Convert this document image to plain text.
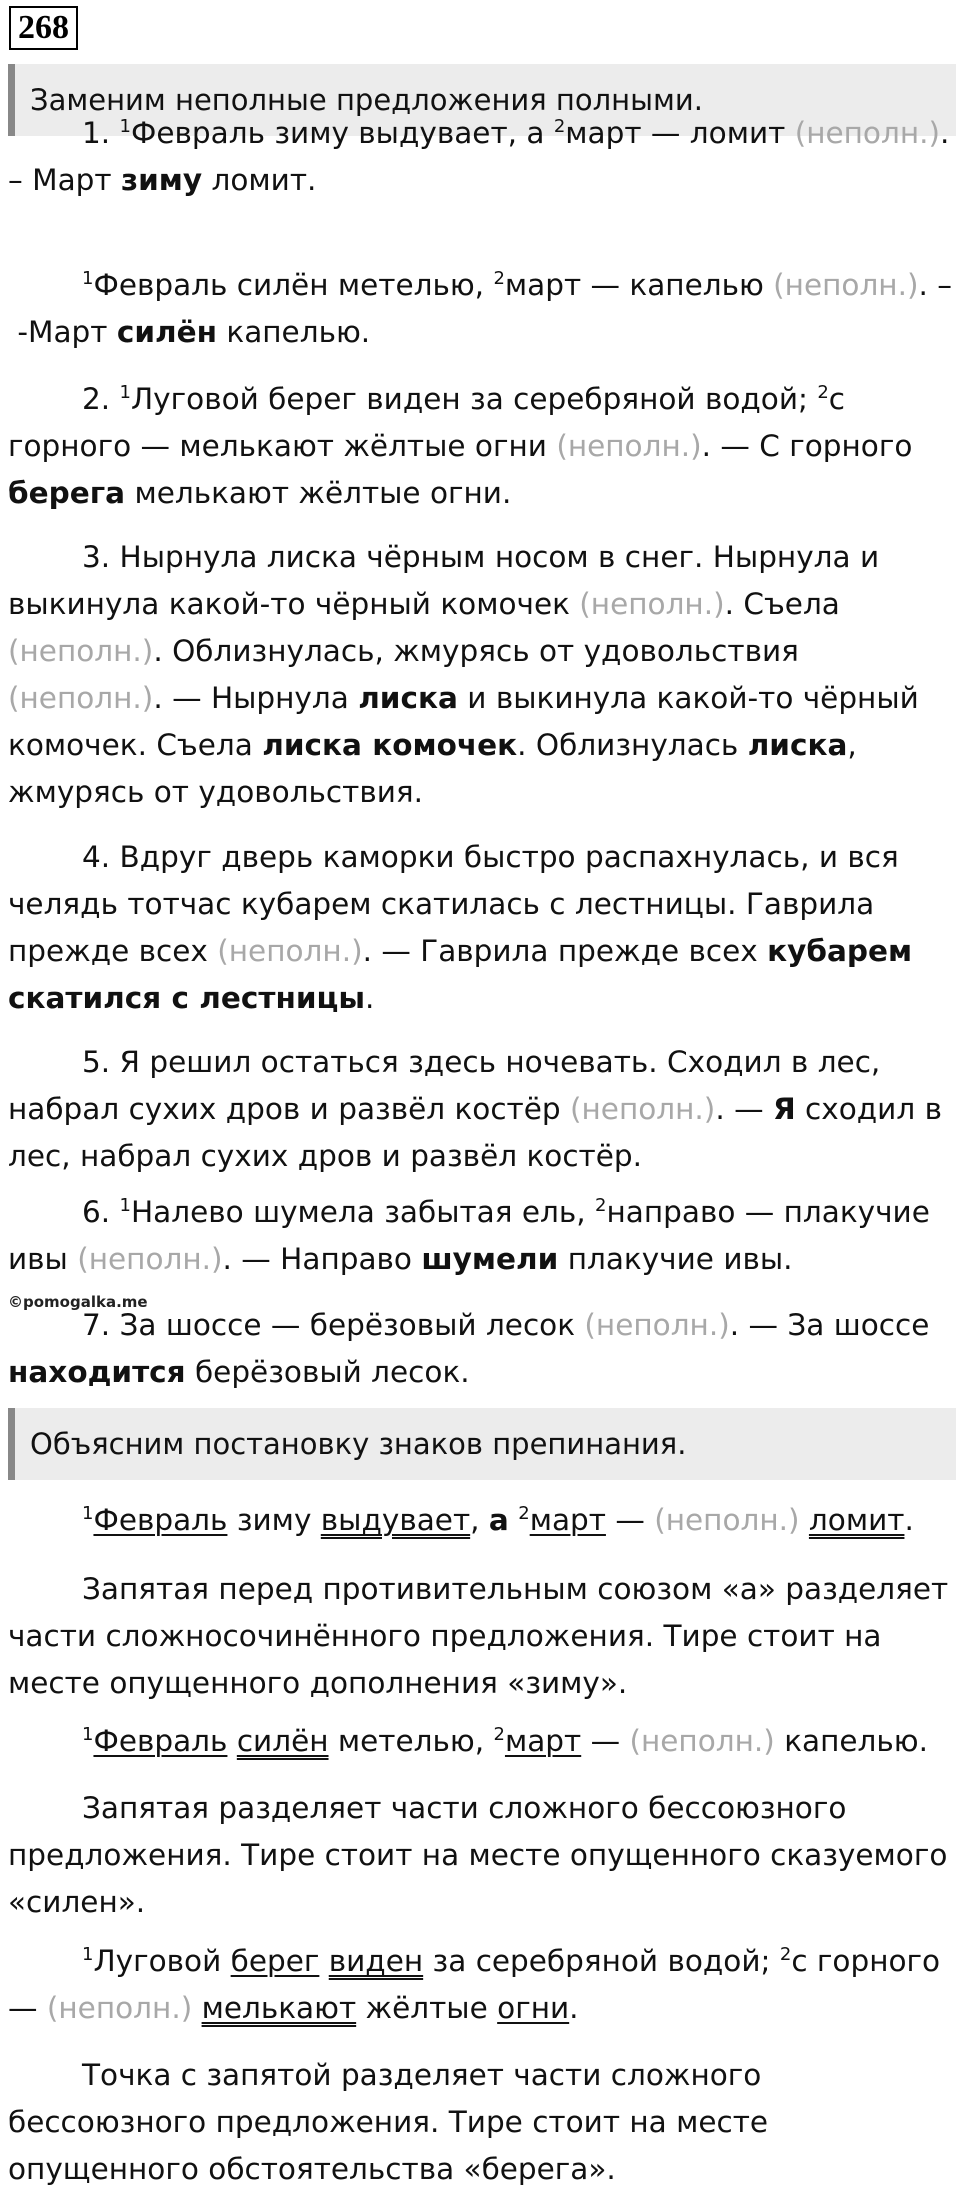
268
Заменим неполные предложения полными.

1. $^1$Февраль зиму выдувает, а $^2$март — ломит (неполн.). – Март зиму ломит.

$^1$Февраль силён метелью, $^2$март — капелью (неполн.). – -Март силён капелью.

2. $^1$Луговой берег виден за серебряной водой; $^2$с горного — мелькают жёлтые огни (неполн.). — С горного берега мелькают жёлтые огни.

3. Нырнула лиска чёрным носом в снег. Нырнула и выкинула какой-то чёрный комочек (неполн.). Съела (неполн.). Облизнулась, жмурясь от удовольствия (неполн.). — Нырнула лиска и выкинула какой-то чёрный комочек. Съела лиска комочек. Облизнулась лиска, жмурясь от удовольствия.

4. Вдруг дверь каморки быстро распахнулась, и вся челядь тотчас кубарем скатилась с лестницы. Гаврила прежде всех (неполн.). — Гаврила прежде всех кубарем скатился с лестницы.

5. Я решил остаться здесь ночевать. Сходил в лес, набрал сухих дров и развёл костёр (неполн.). — Я сходил в лес, набрал сухих дров и развёл костёр.

6. $^1$Налево шумела забытая ель, $^2$направо — плакучие ивы (неполн.). — Направо шумели плакучие ивы.

©pomogalka.me

7. За шоссе — берёзовый лесок (неполн.). — За шоссе находится берёзовый лесок.

Объясним постановку знаков препинания.

$^1$Февраль зиму выдувает, а $^2$март — (неполн.) ломит.

Запятая перед противительным союзом «а» разделяет части сложносочинённого предложения. Тире стоит на месте опущенного дополнения «зиму».

$^1$Февраль силён метелью, $^2$март — (неполн.) капелью.

Запятая разделяет части сложного бессоюзного предложения. Тире стоит на месте опущенного сказуемого «силен».

$^1$Луговой берег виден за серебряной водой; $^2$с горного — (неполн.) мелькают жёлтые огни.

Точка с запятой разделяет части сложного бессоюзного предложения. Тире стоит на месте опущенного обстоятельства «берега».
